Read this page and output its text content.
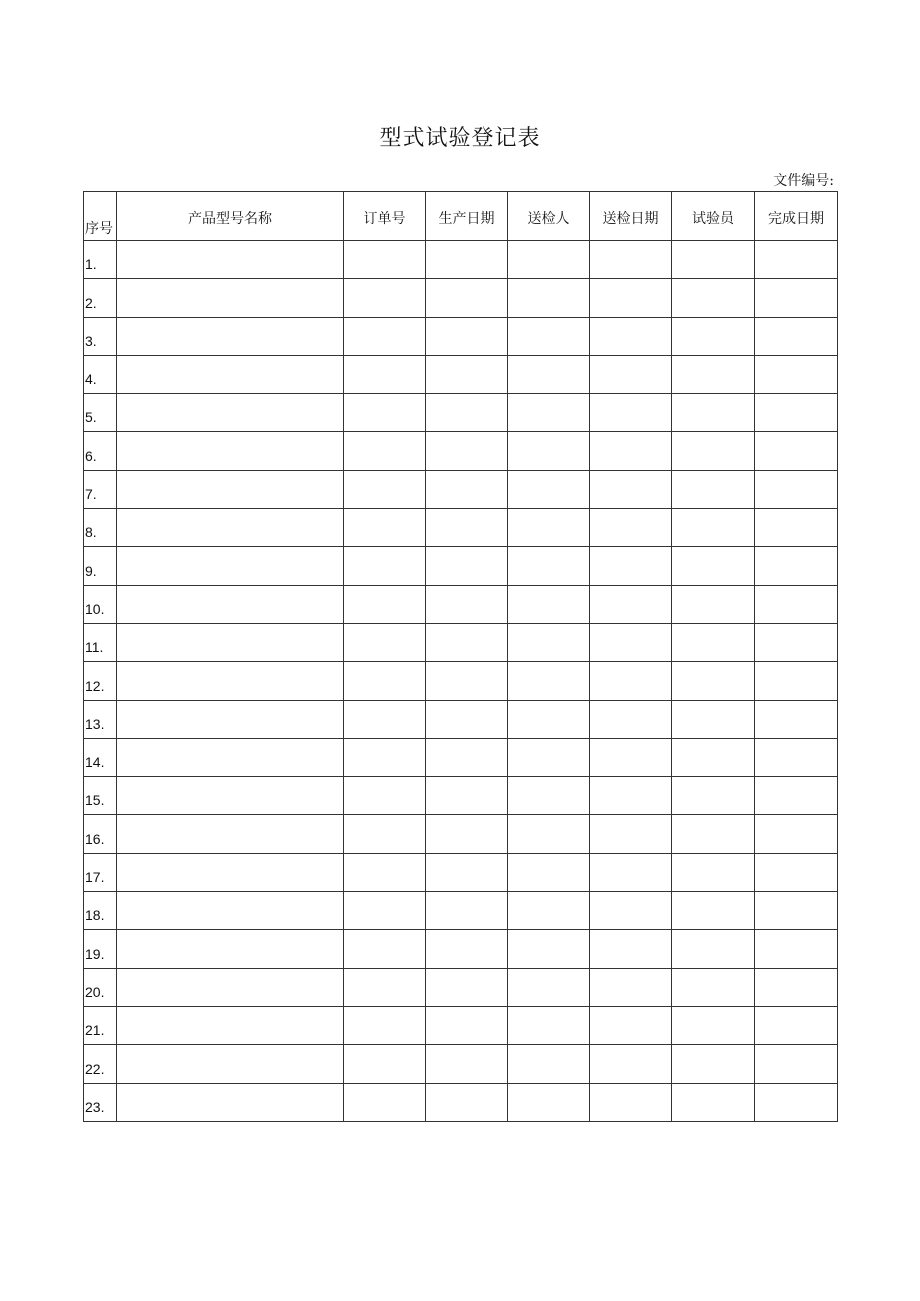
型式试验登记表
文件编号:
序号	产品型号名称	订单号	生产日期	送检人	送检日期	试验员	完成日期
1.							
2.							
3.							
4.							
5.							
6.							
7.							
8.							
9.							
10.							
11.							
12.							
13.							
14.							
15.							
16.							
17.							
18.							
19.							
20.							
21.							
22.							
23.							
